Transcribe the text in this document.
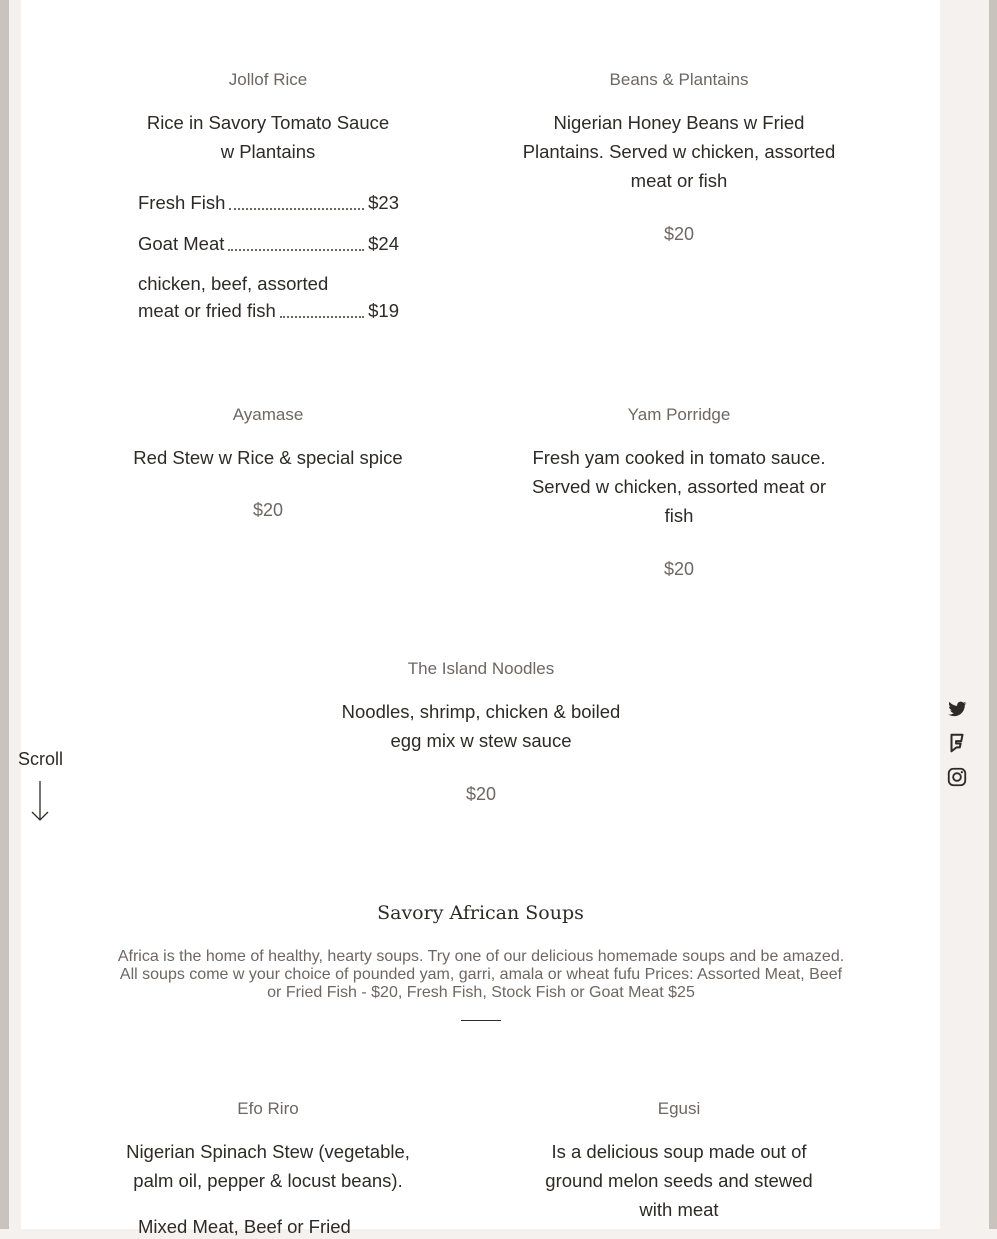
Jollof Rice
Rice in Savory Tomato Sauce w Plantains
Fresh Fish	$23
Goat Meat	$24
chicken, beef, assorted
meat or fried fish	$19
Beans & Plantains
Nigerian Honey Beans w Fried Plantains. Served w chicken, assorted meat or fish
$20
Ayamase
Red Stew w Rice & special spice
$20
Yam Porridge
Fresh yam cooked in tomato sauce. Served w chicken, assorted meat or fish
$20
The Island Noodles
Noodles, shrimp, chicken & boiled egg mix w stew sauce
$20
Savory African Soups
Africa is the home of healthy, hearty soups. Try one of our delicious homemade soups and be amazed. All soups come w your choice of pounded yam, garri, amala or wheat fufu Prices: Assorted Meat, Beef or Fried Fish - $20, Fresh Fish, Stock Fish or Goat Meat $25
Efo Riro
Nigerian Spinach Stew (vegetable, palm oil, pepper & locust beans).
Mixed Meat, Beef or Fried
Egusi
Is a delicious soup made out of ground melon seeds and stewed with meat
Scroll
